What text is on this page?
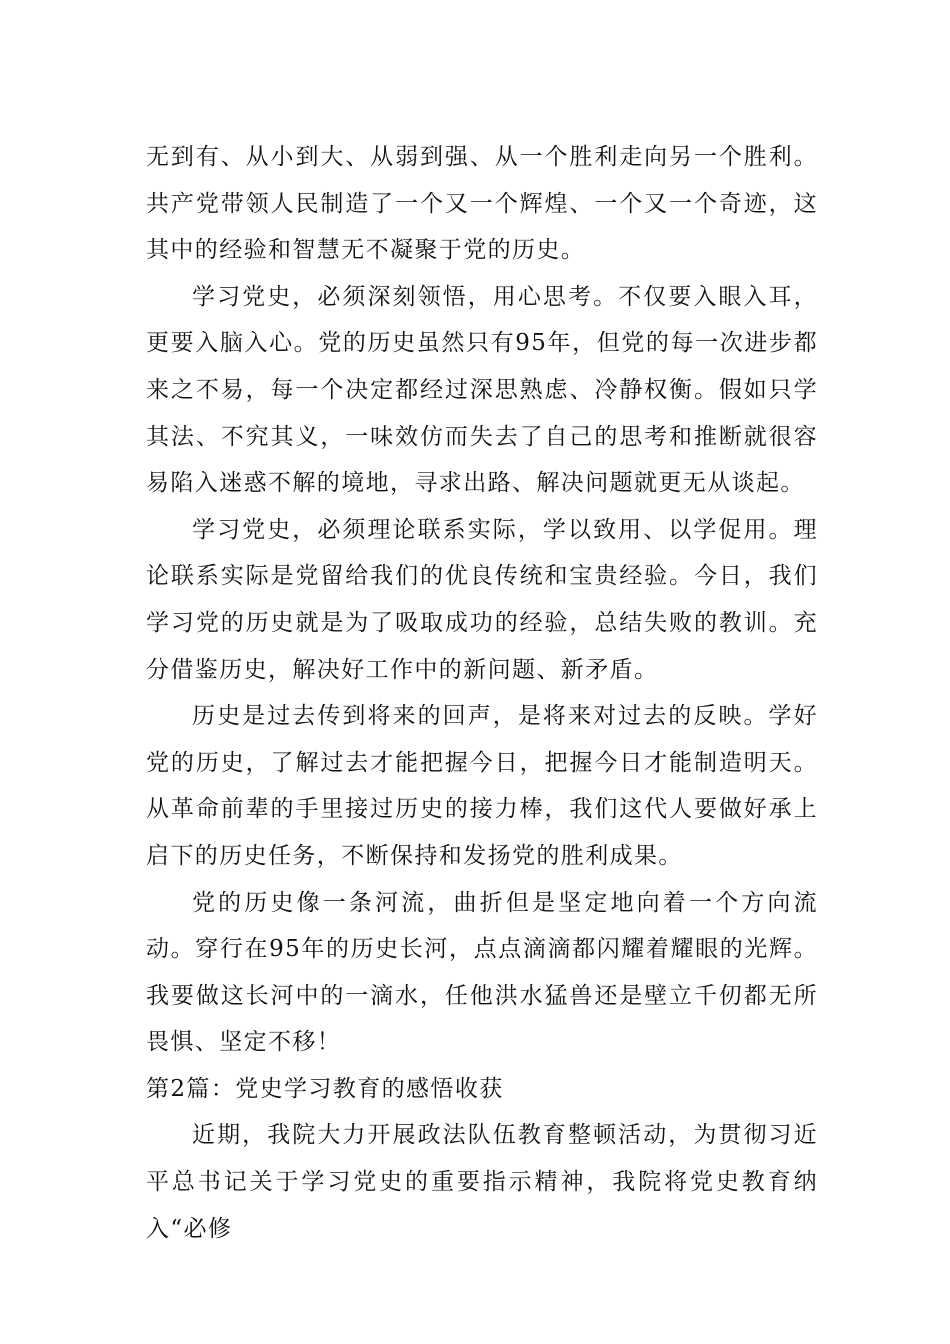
无到有、从小到大、从弱到强、从一个胜利走向另一个胜利。共产党带领人民制造了一个又一个辉煌、一个又一个奇迹，这其中的经验和智慧无不凝聚于党的历史。

学习党史，必须深刻领悟，用心思考。不仅要入眼入耳，更要入脑入心。党的历史虽然只有95年，但党的每一次进步都来之不易，每一个决定都经过深思熟虑、冷静权衡。假如只学其法、不究其义，一味效仿而失去了自己的思考和推断就很容易陷入迷惑不解的境地，寻求出路、解决问题就更无从谈起。

学习党史，必须理论联系实际，学以致用、以学促用。理论联系实际是党留给我们的优良传统和宝贵经验。今日，我们学习党的历史就是为了吸取成功的经验，总结失败的教训。充分借鉴历史，解决好工作中的新问题、新矛盾。

历史是过去传到将来的回声，是将来对过去的反映。学好党的历史，了解过去才能把握今日，把握今日才能制造明天。从革命前辈的手里接过历史的接力棒，我们这代人要做好承上启下的历史任务，不断保持和发扬党的胜利成果。

党的历史像一条河流，曲折但是坚定地向着一个方向流动。穿行在95年的历史长河，点点滴滴都闪耀着耀眼的光辉。我要做这长河中的一滴水，任他洪水猛兽还是壁立千仞都无所畏惧、坚定不移！

第2篇：党史学习教育的感悟收获

近期，我院大力开展政法队伍教育整顿活动，为贯彻习近平总书记关于学习党史的重要指示精神，我院将党史教育纳入“必修
